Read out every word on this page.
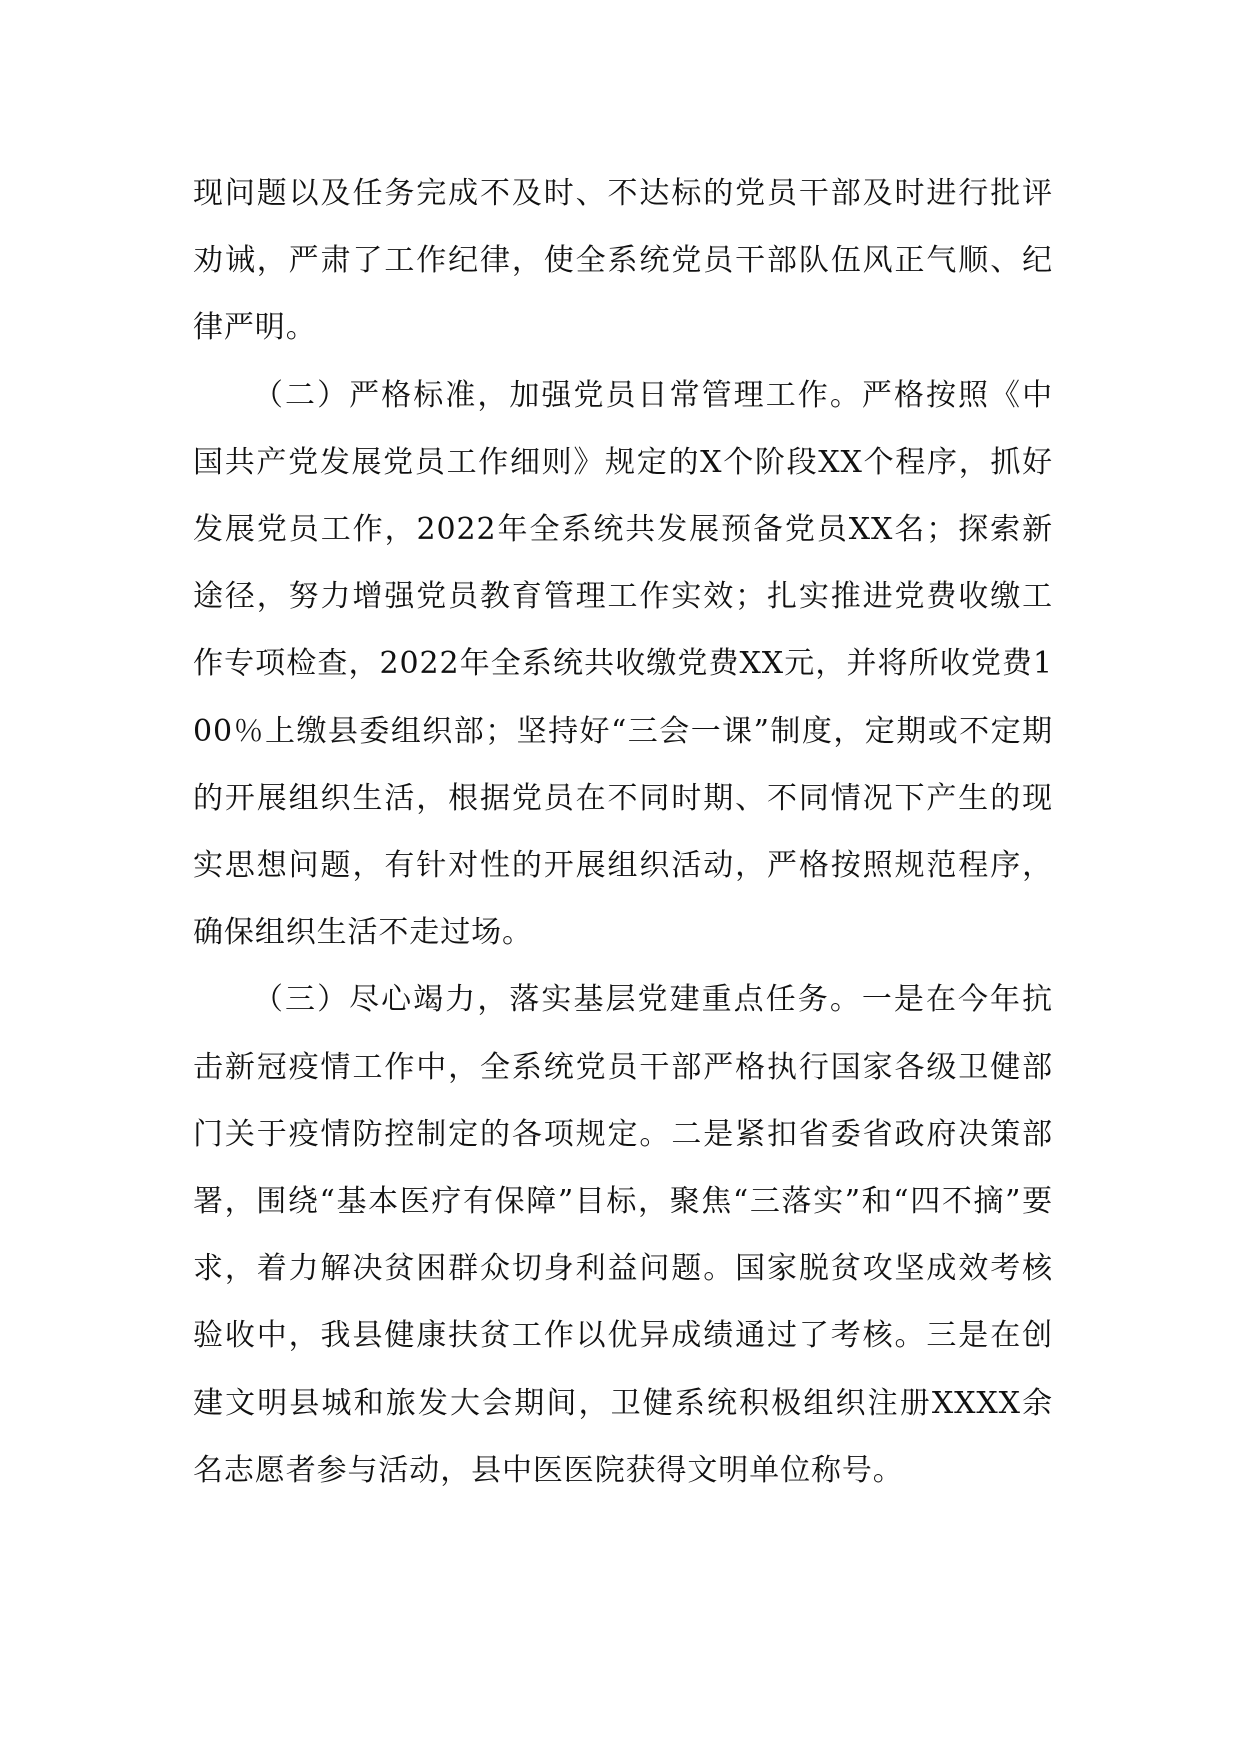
现问题以及任务完成不及时、不达标的党员干部及时进行批评劝诫，严肃了工作纪律，使全系统党员干部队伍风正气顺、纪律严明。

（二）严格标准，加强党员日常管理工作。严格按照《中国共产党发展党员工作细则》规定的X个阶段XX个程序，抓好发展党员工作，2022年全系统共发展预备党员XX名；探索新途径，努力增强党员教育管理工作实效；扎实推进党费收缴工作专项检查，2022年全系统共收缴党费XX元，并将所收党费100％上缴县委组织部；坚持好“三会一课”制度，定期或不定期的开展组织生活，根据党员在不同时期、不同情况下产生的现实思想问题，有针对性的开展组织活动，严格按照规范程序，确保组织生活不走过场。

（三）尽心竭力，落实基层党建重点任务。一是在今年抗击新冠疫情工作中，全系统党员干部严格执行国家各级卫健部门关于疫情防控制定的各项规定。二是紧扣省委省政府决策部署，围绕“基本医疗有保障”目标，聚焦“三落实”和“四不摘”要求，着力解决贫困群众切身利益问题。国家脱贫攻坚成效考核验收中，我县健康扶贫工作以优异成绩通过了考核。三是在创建文明县城和旅发大会期间，卫健系统积极组织注册XXXX余名志愿者参与活动，县中医医院获得文明单位称号。
